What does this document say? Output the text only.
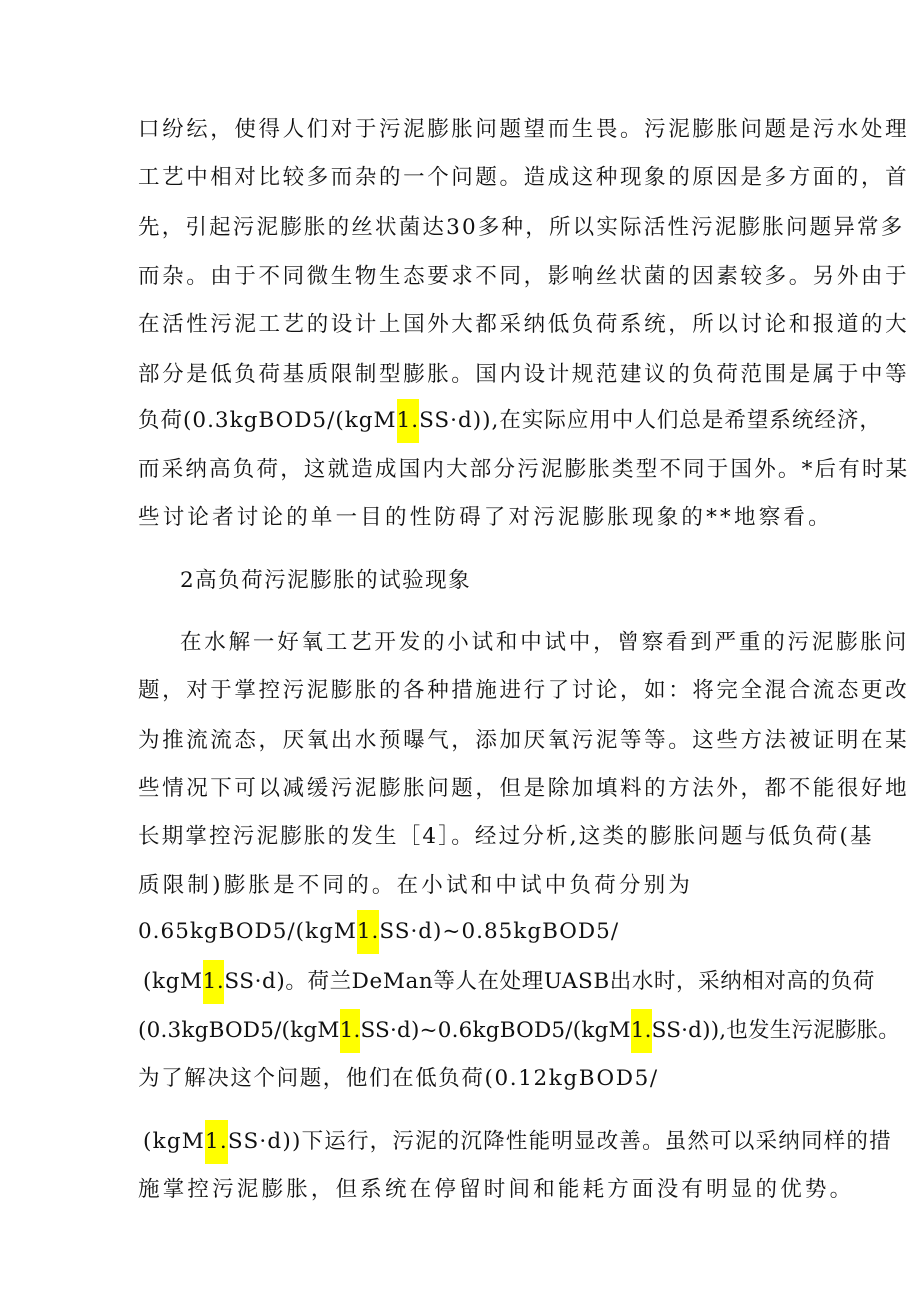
口纷纭，使得人们对于污泥膨胀问题望而生畏。污泥膨胀问题是污水处理
工艺中相对比较多而杂的一个问题。造成这种现象的原因是多方面的，首
先，引起污泥膨胀的丝状菌达30多种，所以实际活性污泥膨胀问题异常多
而杂。由于不同微生物生态要求不同，影响丝状菌的因素较多。另外由于
在活性污泥工艺的设计上国外大都采纳低负荷系统，所以讨论和报道的大
部分是低负荷基质限制型膨胀。国内设计规范建议的负荷范围是属于中等
负荷(0.3kgBOD5/(kgM1.SS·d)),在实际应用中人们总是希望系统经济，
而采纳高负荷，这就造成国内大部分污泥膨胀类型不同于国外。*后有时某
些讨论者讨论的单一目的性防碍了对污泥膨胀现象的**地察看。
2高负荷污泥膨胀的试验现象
在水解一好氧工艺开发的小试和中试中，曾察看到严重的污泥膨胀问
题，对于掌控污泥膨胀的各种措施进行了讨论，如：将完全混合流态更改
为推流流态，厌氧出水预曝气，添加厌氧污泥等等。这些方法被证明在某
些情况下可以减缓污泥膨胀问题，但是除加填料的方法外，都不能很好地
长期掌控污泥膨胀的发生［4］。经过分析,这类的膨胀问题与低负荷(基
质限制)膨胀是不同的。在小试和中试中负荷分别为
0.65kgBOD5/(kgM1.SS·d)~0.85kgBOD5/
(kgM1.SS·d)。荷兰DeMan等人在处理UASB出水时，采纳相对高的负荷
(0.3kgBOD5/(kgM1.SS·d)~0.6kgBOD5/(kgM1.SS·d)),也发生污泥膨胀。
为了解决这个问题，他们在低负荷(0.12kgBOD5/
(kgM1.SS·d))下运行，污泥的沉降性能明显改善。虽然可以采纳同样的措
施掌控污泥膨胀，但系统在停留时间和能耗方面没有明显的优势。
